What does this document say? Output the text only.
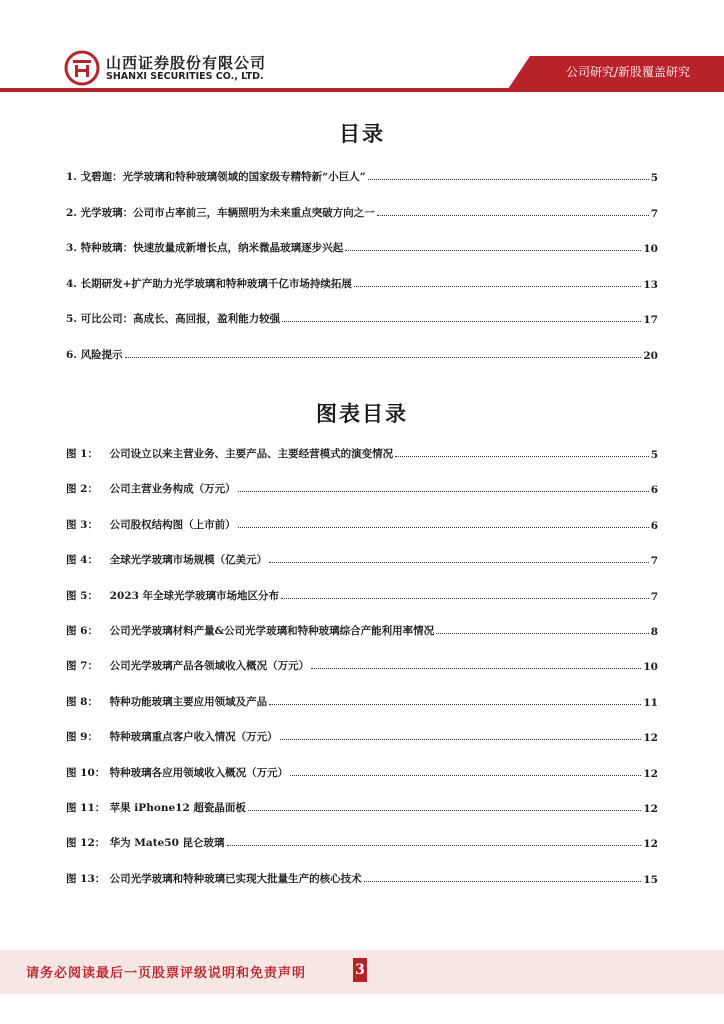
山西证券股份有限公司
SHANXI SECURITIES CO., LTD.	公司研究/新股覆盖研究
目录
1. 戈碧迦：光学玻璃和特种玻璃领域的国家级专精特新“小巨人”	5
2. 光学玻璃：公司市占率前三，车辆照明为未来重点突破方向之一	7
3. 特种玻璃：快速放量成新增长点，纳米微晶玻璃逐步兴起	10
4. 长期研发+扩产助力光学玻璃和特种玻璃千亿市场持续拓展	13
5. 可比公司：高成长、高回报，盈利能力较强	17
6. 风险提示	20
图表目录
图 1： 公司设立以来主营业务、主要产品、主要经营模式的演变情况	5
图 2： 公司主营业务构成（万元）	6
图 3： 公司股权结构图（上市前）	6
图 4： 全球光学玻璃市场规模（亿美元）	7
图 5： 2023 年全球光学玻璃市场地区分布	7
图 6： 公司光学玻璃材料产量&公司光学玻璃和特种玻璃综合产能利用率情况	8
图 7： 公司光学玻璃产品各领域收入概况（万元）	10
图 8： 特种功能玻璃主要应用领域及产品	11
图 9： 特种玻璃重点客户收入情况（万元）	12
图 10： 特种玻璃各应用领域收入概况（万元）	12
图 11： 苹果 iPhone12 超瓷晶面板	12
图 12： 华为 Mate50 昆仑玻璃	12
图 13： 公司光学玻璃和特种玻璃已实现大批量生产的核心技术	15
请务必阅读最后一页股票评级说明和免责声明	3
